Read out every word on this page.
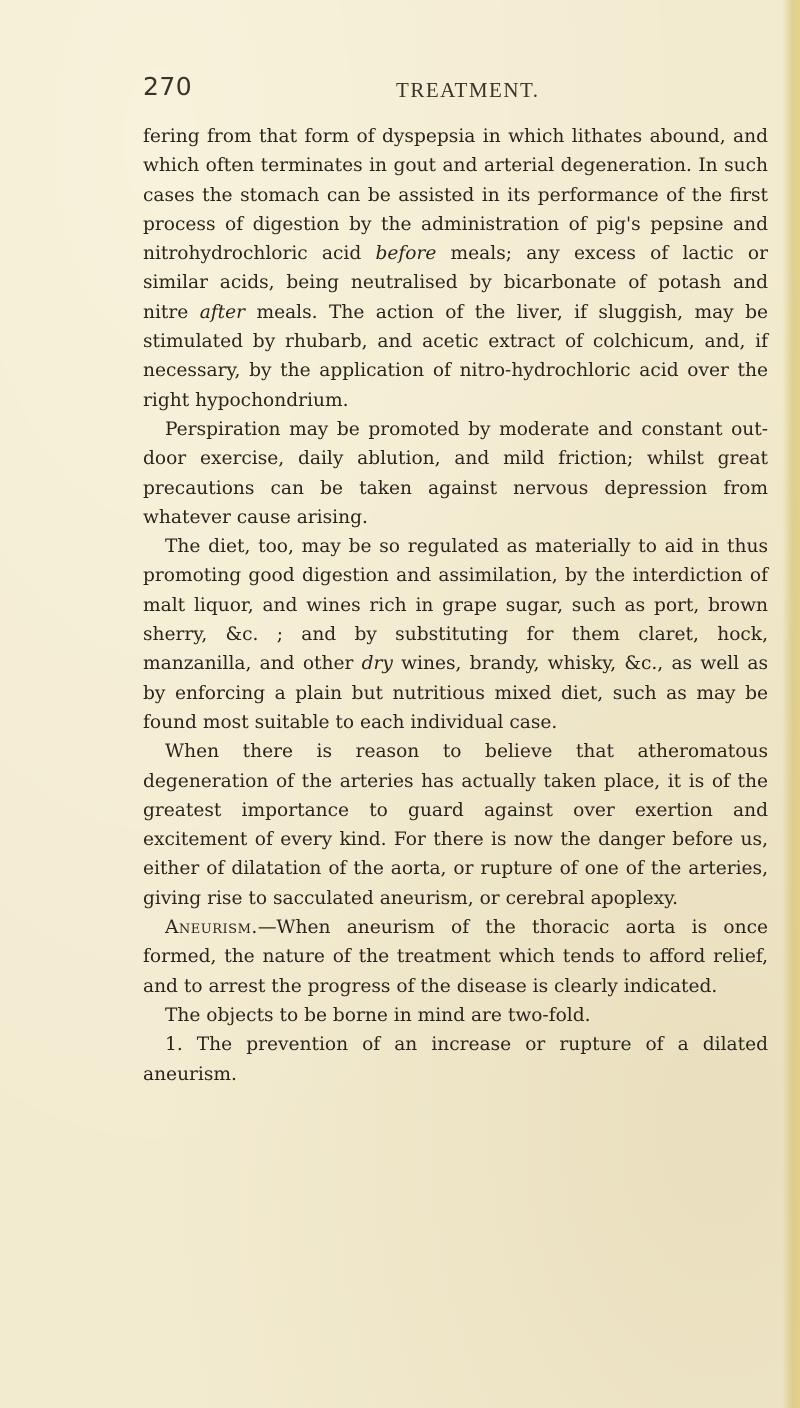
270	TREATMENT.

fering from that form of dyspepsia in which lithates abound, and which often terminates in gout and arterial degeneration. In such cases the stomach can be assisted in its performance of the first process of digestion by the administration of pig's pepsine and nitrohydrochloric acid before meals; any excess of lactic or similar acids, being neutralised by bicarbonate of potash and nitre after meals. The action of the liver, if sluggish, may be stimulated by rhubarb, and acetic extract of colchicum, and, if necessary, by the application of nitro-hydrochloric acid over the right hypochondrium.

Perspiration may be promoted by moderate and constant out-door exercise, daily ablution, and mild friction; whilst great precautions can be taken against nervous depression from whatever cause arising.

The diet, too, may be so regulated as materially to aid in thus promoting good digestion and assimilation, by the interdiction of malt liquor, and wines rich in grape sugar, such as port, brown sherry, &c. ; and by substituting for them claret, hock, manzanilla, and other dry wines, brandy, whisky, &c., as well as by enforcing a plain but nutritious mixed diet, such as may be found most suitable to each individual case.

When there is reason to believe that atheromatous degeneration of the arteries has actually taken place, it is of the greatest importance to guard against over exertion and excitement of every kind. For there is now the danger before us, either of dilatation of the aorta, or rupture of one of the arteries, giving rise to sacculated aneurism, or cerebral apoplexy.

Aneurism.—When aneurism of the thoracic aorta is once formed, the nature of the treatment which tends to afford relief, and to arrest the progress of the disease is clearly indicated.

The objects to be borne in mind are two-fold.

1. The prevention of an increase or rupture of a dilated aneurism.
